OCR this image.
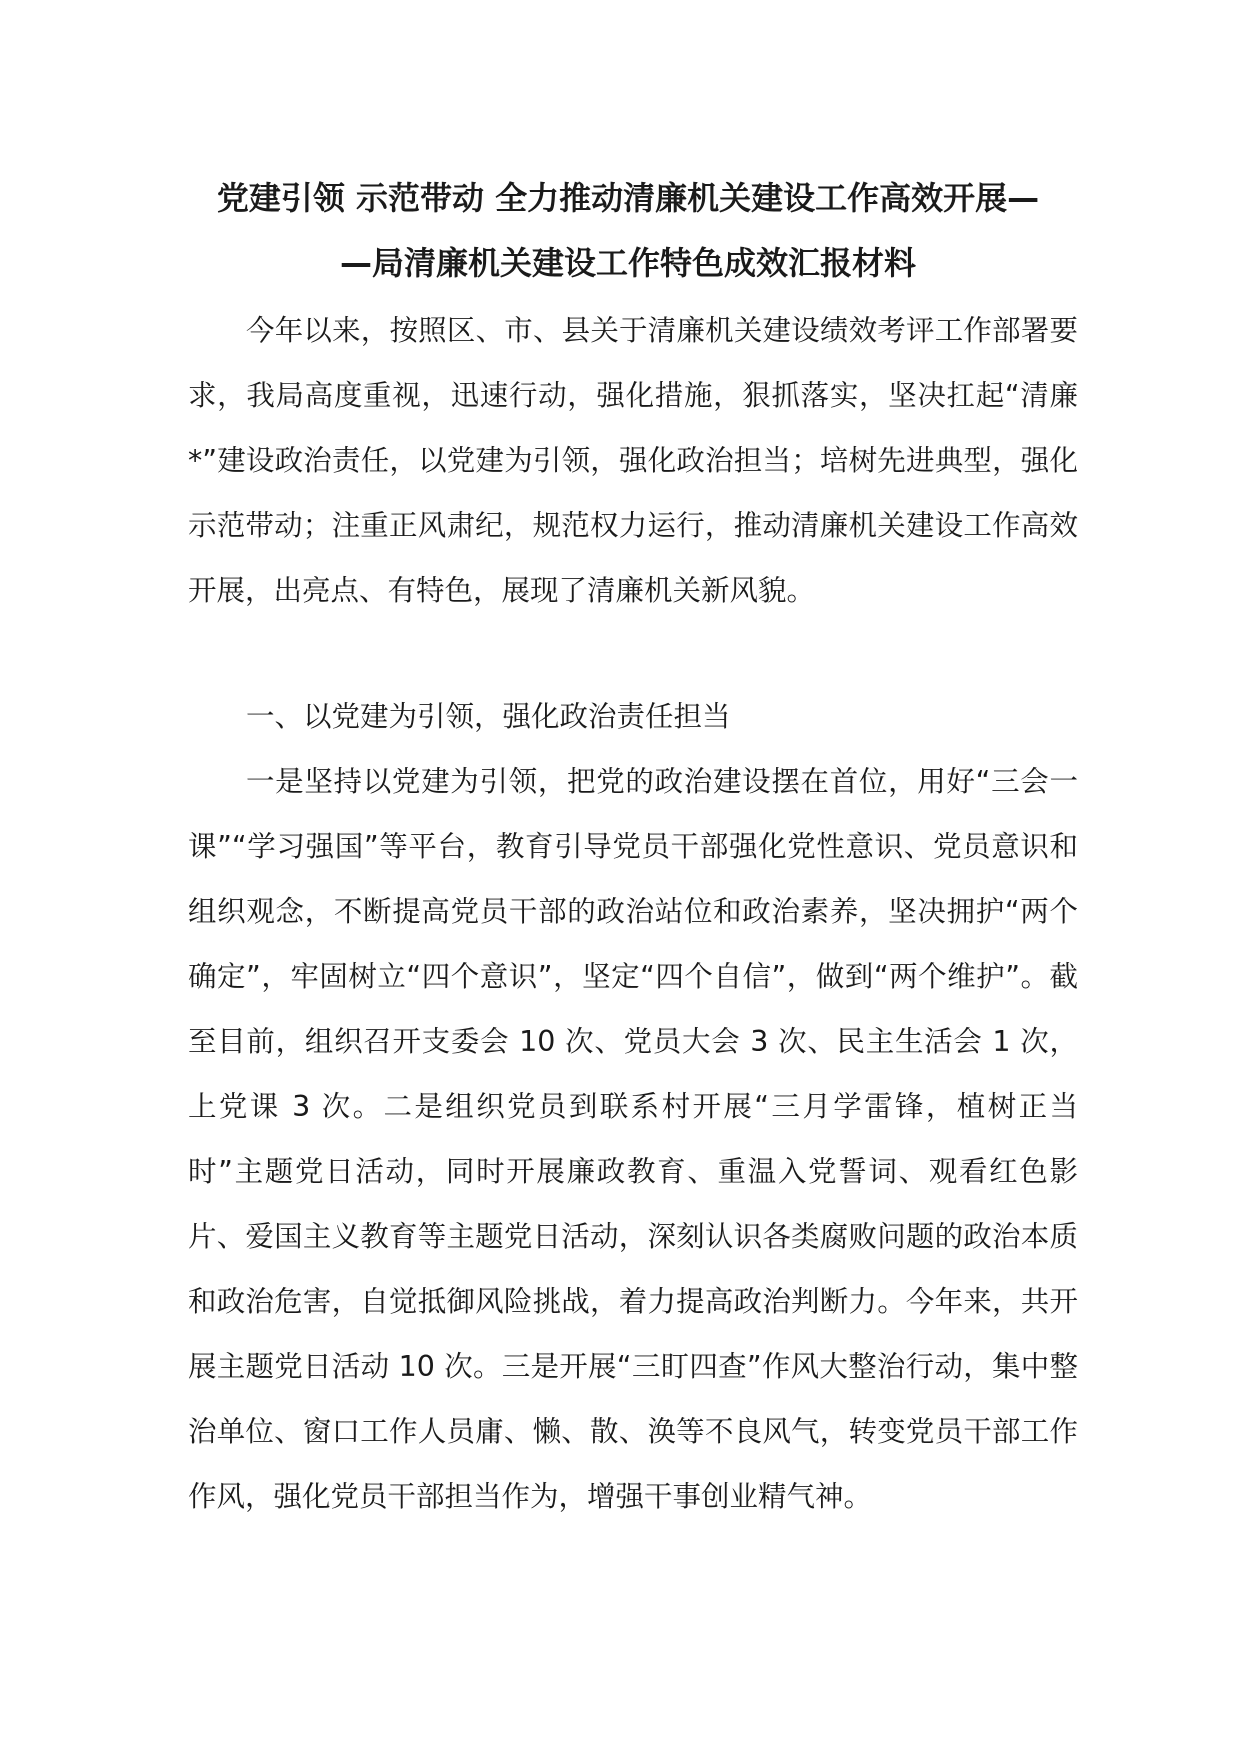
党建引领 示范带动 全力推动清廉机关建设工作高效开展—
—局清廉机关建设工作特色成效汇报材料

今年以来，按照区、市、县关于清廉机关建设绩效考评工作部署要求，我局高度重视，迅速行动，强化措施，狠抓落实，坚决扛起“清廉*”建设政治责任，以党建为引领，强化政治担当；培树先进典型，强化示范带动；注重正风肃纪，规范权力运行，推动清廉机关建设工作高效开展，出亮点、有特色，展现了清廉机关新风貌。

一、以党建为引领，强化政治责任担当

一是坚持以党建为引领，把党的政治建设摆在首位，用好“三会一课”“学习强国”等平台，教育引导党员干部强化党性意识、党员意识和组织观念，不断提高党员干部的政治站位和政治素养，坚决拥护“两个确定”，牢固树立“四个意识”，坚定“四个自信”，做到“两个维护”。截至目前，组织召开支委会 10 次、党员大会 3 次、民主生活会 1 次，上党课 3 次。二是组织党员到联系村开展“三月学雷锋，植树正当时”主题党日活动，同时开展廉政教育、重温入党誓词、观看红色影片、爱国主义教育等主题党日活动，深刻认识各类腐败问题的政治本质和政治危害，自觉抵御风险挑战，着力提高政治判断力。今年来，共开展主题党日活动 10 次。三是开展“三盯四查”作风大整治行动，集中整治单位、窗口工作人员庸、懒、散、涣等不良风气，转变党员干部工作作风，强化党员干部担当作为，增强干事创业精气神。
